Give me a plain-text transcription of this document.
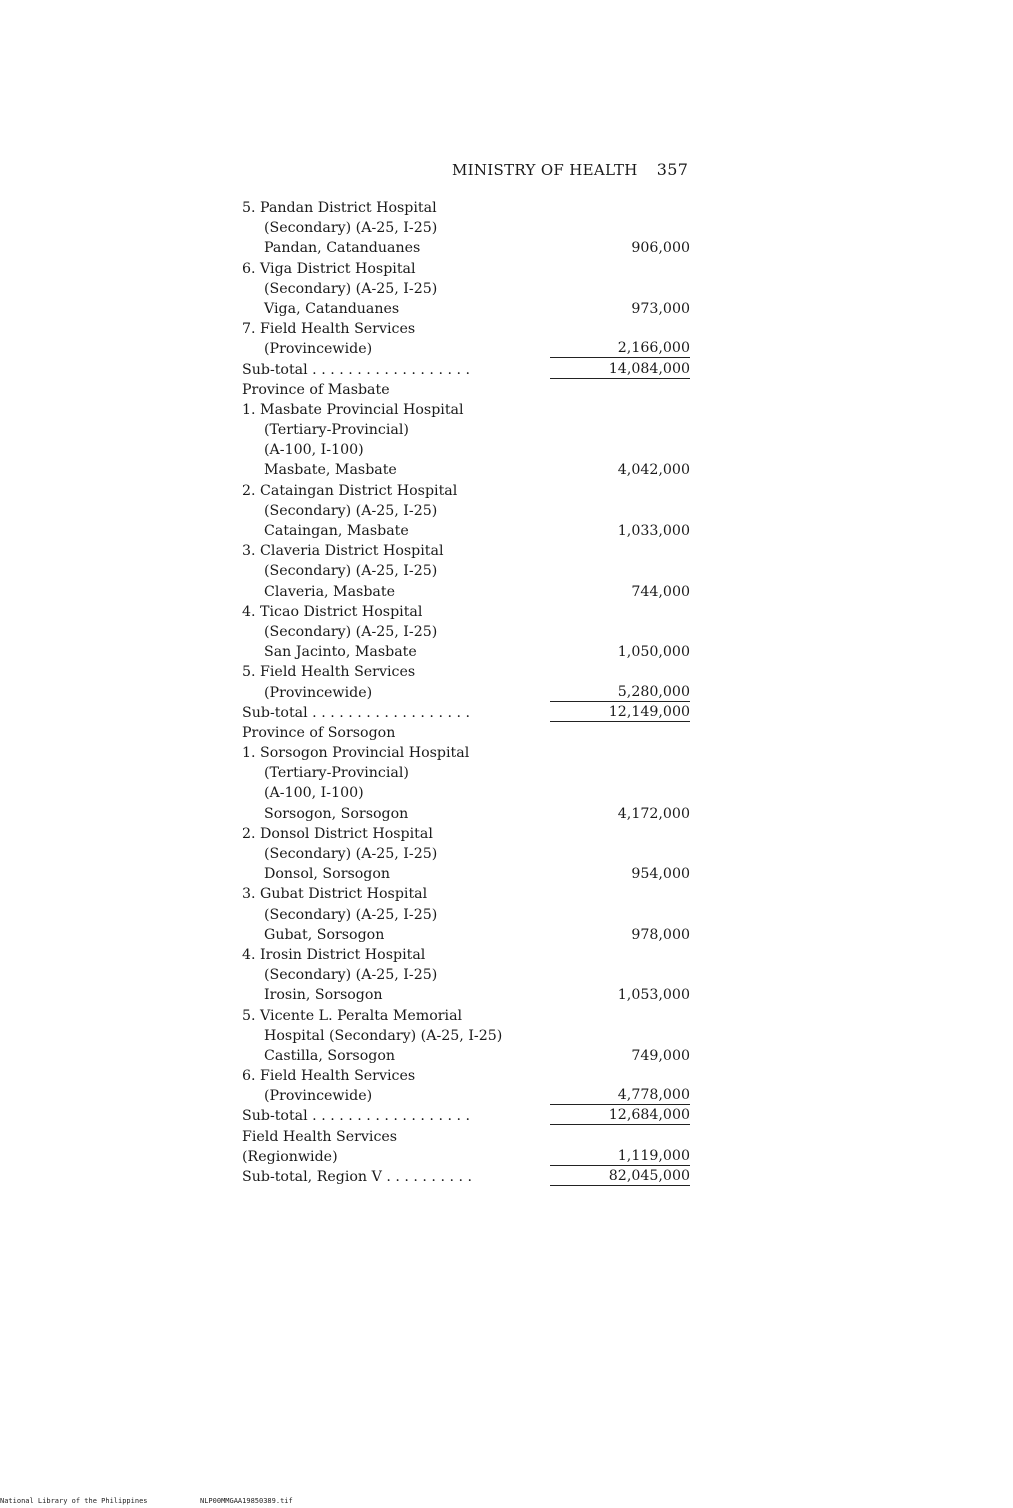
MINISTRY OF HEALTH 357
5. Pandan District Hospital
(Secondary) (A-25, I-25)
Pandan, Catanduanes	906,000
6. Viga District Hospital
(Secondary) (A-25, I-25)
Viga, Catanduanes	973,000
7. Field Health Services
(Provincewide)	2,166,000
Sub-total . . . . . . . . . . . . . . . . . .	14,084,000
Province of Masbate
1. Masbate Provincial Hospital
(Tertiary-Provincial)
(A-100, I-100)
Masbate, Masbate	4,042,000
2. Cataingan District Hospital
(Secondary) (A-25, I-25)
Cataingan, Masbate	1,033,000
3. Claveria District Hospital
(Secondary) (A-25, I-25)
Claveria, Masbate	744,000
4. Ticao District Hospital
(Secondary) (A-25, I-25)
San Jacinto, Masbate	1,050,000
5. Field Health Services
(Provincewide)	5,280,000
Sub-total . . . . . . . . . . . . . . . . . .	12,149,000
Province of Sorsogon
1. Sorsogon Provincial Hospital
(Tertiary-Provincial)
(A-100, I-100)
Sorsogon, Sorsogon	4,172,000
2. Donsol District Hospital
(Secondary) (A-25, I-25)
Donsol, Sorsogon	954,000
3. Gubat District Hospital
(Secondary) (A-25, I-25)
Gubat, Sorsogon	978,000
4. Irosin District Hospital
(Secondary) (A-25, I-25)
Irosin, Sorsogon	1,053,000
5. Vicente L. Peralta Memorial
Hospital (Secondary) (A-25, I-25)
Castilla, Sorsogon	749,000
6. Field Health Services
(Provincewide)	4,778,000
Sub-total . . . . . . . . . . . . . . . . . .	12,684,000
Field Health Services
(Regionwide)	1,119,000
Sub-total, Region V . . . . . . . . . .	82,045,000
National Library of the Philippines	NLP00MMGAA19850389.tif
